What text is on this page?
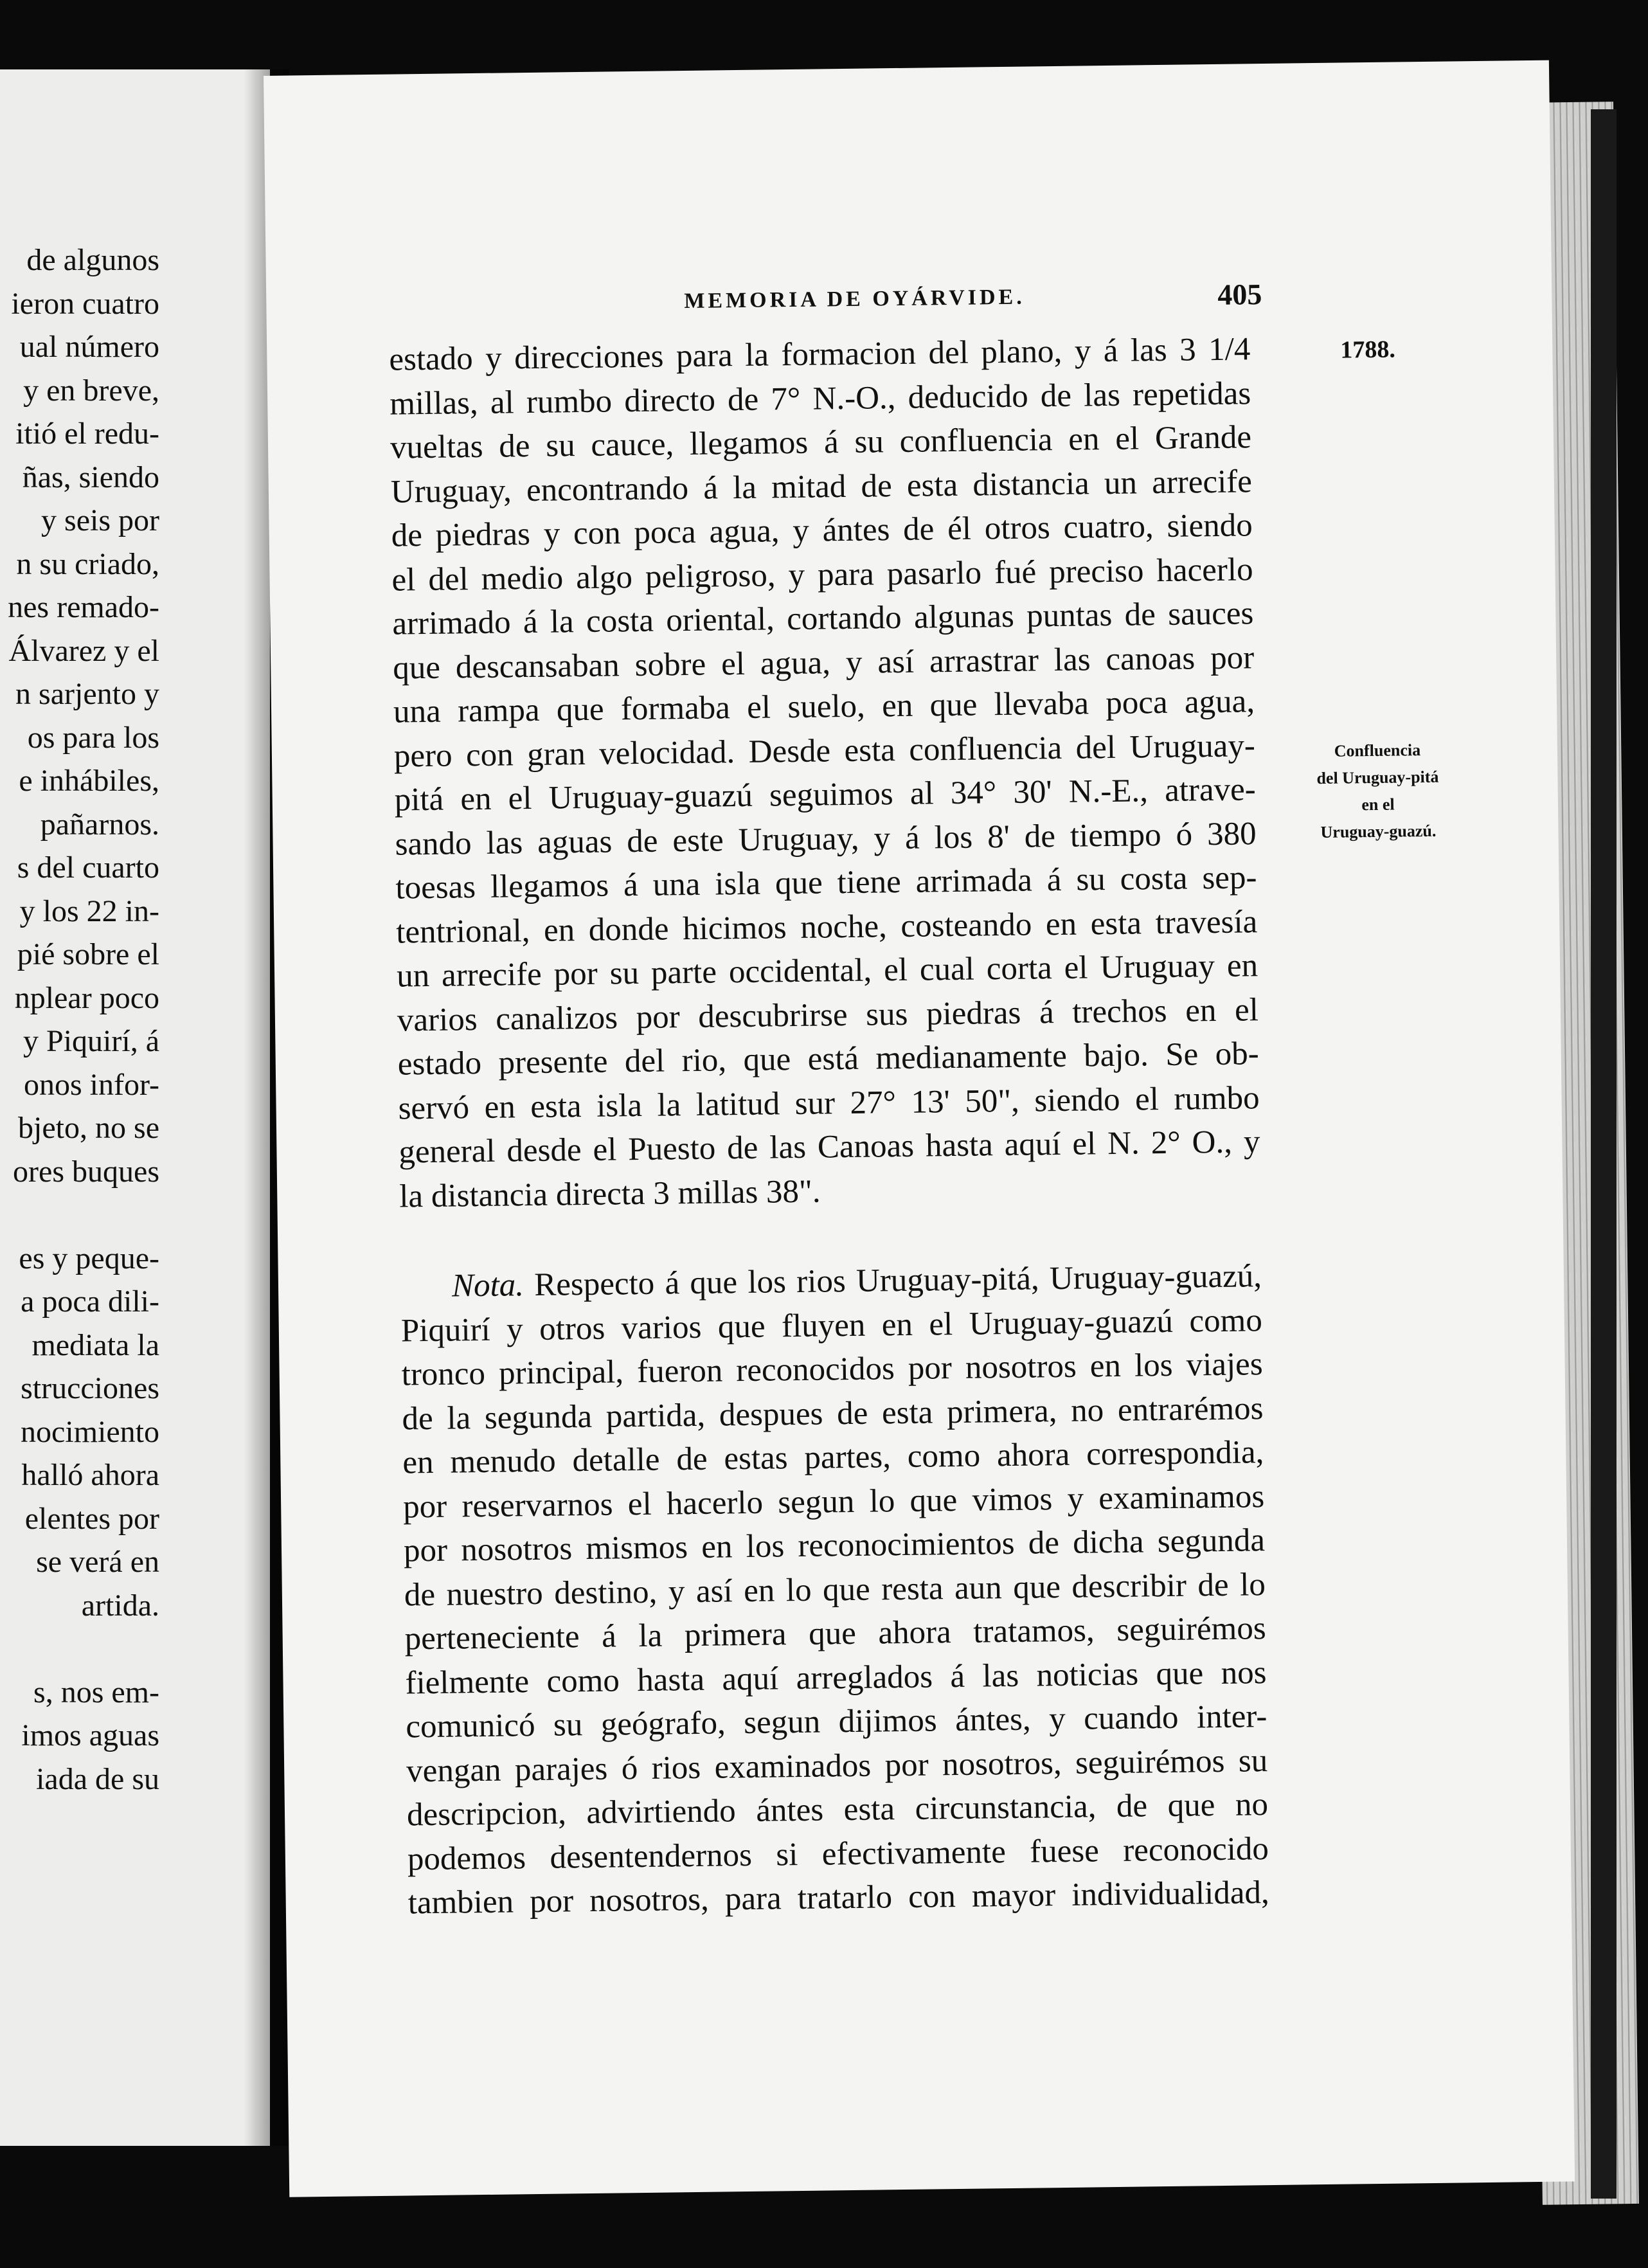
de algunos
ieron cuatro
ual número
y en breve,
itió el redu-
ñas, siendo
y seis por
n su criado,
nes remado-
Álvarez y el
n sarjento y
os para los
e inhábiles,
pañarnos.
s del cuarto
y los 22 in-
pié sobre el
nplear poco
y Piquirí, á
onos infor-
bjeto, no se
ores buques
es y peque-
a poca dili-
mediata la
strucciones
nocimiento
halló ahora
elentes por
se verá en
artida.
s, nos em-
imos aguas
iada de su
MEMORIA DE OYÁRVIDE.	405
1788.
Confluencia
del Uruguay-pitá
en el
Uruguay-guazú.
estado y direcciones para la formacion del plano, y á las 3 1/4
millas, al rumbo directo de 7° N.-O., deducido de las repetidas
vueltas de su cauce, llegamos á su confluencia en el Grande
Uruguay, encontrando á la mitad de esta distancia un arrecife
de piedras y con poca agua, y ántes de él otros cuatro, siendo
el del medio algo peligroso, y para pasarlo fué preciso hacerlo
arrimado á la costa oriental, cortando algunas puntas de sauces
que descansaban sobre el agua, y así arrastrar las canoas por
una rampa que formaba el suelo, en que llevaba poca agua,
pero con gran velocidad. Desde esta confluencia del Uruguay-
pitá en el Uruguay-guazú seguimos al 34° 30' N.-E., atrave-
sando las aguas de este Uruguay, y á los 8' de tiempo ó 380
toesas llegamos á una isla que tiene arrimada á su costa sep-
tentrional, en donde hicimos noche, costeando en esta travesía
un arrecife por su parte occidental, el cual corta el Uruguay en
varios canalizos por descubrirse sus piedras á trechos en el
estado presente del rio, que está medianamente bajo. Se ob-
servó en esta isla la latitud sur 27° 13' 50", siendo el rumbo
general desde el Puesto de las Canoas hasta aquí el N. 2° O., y
la distancia directa 3 millas 38".
Nota. Respecto á que los rios Uruguay-pitá, Uruguay-guazú,
Piquirí y otros varios que fluyen en el Uruguay-guazú como
tronco principal, fueron reconocidos por nosotros en los viajes
de la segunda partida, despues de esta primera, no entrarémos
en menudo detalle de estas partes, como ahora correspondia,
por reservarnos el hacerlo segun lo que vimos y examinamos
por nosotros mismos en los reconocimientos de dicha segunda
de nuestro destino, y así en lo que resta aun que describir de lo
perteneciente á la primera que ahora tratamos, seguirémos
fielmente como hasta aquí arreglados á las noticias que nos
comunicó su geógrafo, segun dijimos ántes, y cuando inter-
vengan parajes ó rios examinados por nosotros, seguirémos su
descripcion, advirtiendo ántes esta circunstancia, de que no
podemos desentendernos si efectivamente fuese reconocido
tambien por nosotros, para tratarlo con mayor individualidad,
